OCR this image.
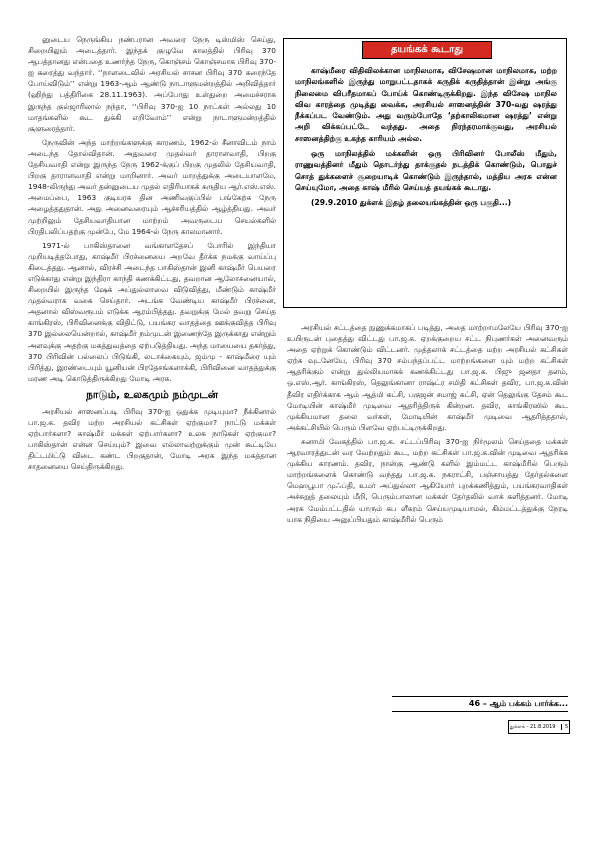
னுடைய நெருங்கிய நண்பரான அவரை நேரு டிஸ்மிஸ் செய்து, சிறையிலும் அடைத்தார். இந்தக் குழுவே காலத்தில் பிரிவு 370 ஆபத்தானது என்பதை உணர்ந்த நேரு, கொஞ்சம் கொஞ்சமாக பிரிவு 370-ஐ கரைத்து வந்தார். ‘‘நாளடைவில் அரசியல் சாசன பிரிவு 370 கரைந்தே போய்விடும்’’ என்று 1963-ஆம் ஆண்டு நாடாளுமன்றத்தில் அறிவித்தார் (ஹிந்து பத்திரிகை 28.11.1963). அப்போது உள்துறை அமைச்சராக இருந்த குல்ஜாரிலால் நந்தா, ‘‘பிரிவு 370-ஐ 10 நாட்கள் அல்லது 10 மாதங்களில் கூட துக்கி எறிவோம்’’ என்று நாடாளுமன்றத்தில் சூளுரைத்தார்.

நேருவின் அந்த மாற்றங்களுக்கு காரணம், 1962-ல் சீனாவிடம் நாம் அடைந்த தோல்விதான். அதுவரை முதல்வர் தாராளவாதி, பிறகு தேசியவாதி என்று இருந்த நேரு 1962-க்குப் பிறகு முதலில் தேசியவாதி, பிறகு தாராளவாதி என்று மாறினார். அவர் மாறத்துக்கு அடையாளமே, 1948-லிருந்து அவர் தன்னுடைய முதல் எதிரியாகக் கருதிய ஆர்.எஸ்.எஸ். அமைப்பை, 1963 குடியரசு தின அணிவகுப்பில் பங்கேற்க நேரு அழைத்ததுதான். அது அனைவரையும் ஆச்சரியத்தில் ஆழ்த்தியது. அவர் முற்றிலும் தேசியவாதியான மாற்றம் அவருடைய செயல்களில் பிரதிபலிப்பதற்கு முன்பே, மே 1964-ல் நேரு காலமானார்.

1971-ல் பாகிஸ்தானை வங்காளதேசப் போரில் இந்தியா முறியடித்தபோது, காஷ்மீர் பிரச்னையை அறவே தீர்க்க நமக்கு வாய்ப்பு கிடைத்தது. ஆனால், விரச்சி அடைந்த பாகிஸ்தான் இனி காஷ்மீர் பெயரை எடுக்காது என்று இந்திரா காந்தி கணக்கிட்டது, தவறான ஆலோசனையால், சிறையில் இருந்த ஷேக் அப்துல்லாவை விடுவித்து, மீண்டும் காஷ்மீர் முதல்வராக வகை செய்தார். அடங்க வேண்டிய காஷ்மீர் பிரச்னை, அதனால் விஸ்வரூபம் எடுக்க ஆரம்பித்தது. தவறுக்கு மேல் தவறு செய்த காங்கிரஸ், பிரிவினைக்கு விதிட்டு, பயங்கர வாதத்தை ஊக்குவித்த பிரிவு 370 இல்லையென்றால், காஷ்மீர் நம்முடன் இணைந்தே இருக்காது என்றும் அளவுக்கு அதற்கு மகத்துவத்தை ஏற்படுத்தியது. அந்த மாயையை தகர்த்து, 370 பிரிவின் பல்லைப் பிடுங்கி, லடாக்கையும், ஜம்மு - காஷ்மீரை யும் பிரித்து, இரண்டையும் யூனியன் பிரதேசங்களாக்கி, பிரிவினை வாதத்துக்கு மரண அடி கொடுத்திருக்கிறது மோடி அரசு.

நாடும், உலகமும் நம்முடன்

அரசியல் சாஸனப்படி பிரிவு 370-ஐ ஒதுக்க முடியுமா? நீக்கினால் பா.ஜ.க. தவிர மற்ற அரசியல் கட்சிகள் ஏற்குமா? நாட்டு மக்கள் ஏற்பார்களா? காஷ்மீர் மக்கள் ஏற்பார்களா? உலக நாடுகள் ஏற்குமா? பாகிஸ்தான் என்ன செய்யும்? இவை எல்லாவற்றுக்கும் முன் கூட்டியே திட்டமிட்டு விடை கண்ட பிறகுதான், மோடி அரசு இந்த மகத்தான சாதனையை செய்திருக்கிறது.

தயங்கக் கூடாது

காஷ்மீரை விதிவிலக்கான மாநிலமாக, விசேஷமான மாநிலமாக, மற்ற மாநிலங்களில் இருந்து மாறுபட்டதாகக் கருதிக் கருதித்தான் இன்று அங்கு நிலைமை விபரீதமாகப் போய்க் கொண்டிருக்கிறது. இந்த விசேஷ மாநில விவ காரத்தை முடித்து வைக்க, அரசியல் சாஸனத்தின் 370-வது ஷரத்து நீக்கப்பட வேண்டும். அது வரும்போதே ‘தற்காலிகமான ஷரத்து’ என்று அறி விக்கப்பட்டே வந்தது. அதை நிரந்தரமாக்குவது, அரசியல் சாஸனத்திற்கு உகந்த காரியம் அல்ல.

ஒரு மாநிலத்தில் மக்களின் ஒரு பிரிவினர் போலீஸ் மீதும், ராணுவத்தினர் மீதும் தொடர்ந்து தாக்குதல் நடத்திக் கொண்டும், பொதுச் சொத் துக்களைச் சூறையாடிக் கொண்டும் இருந்தால், மத்திய அரசு என்ன செய்யுமோ, அதை காஷ் மீரில் செய்யத் தயங்கக் கூடாது.

(29.9.2010 துக்ளக் இதழ் தலையங்கத்தின் ஒரு பகுதி...)

அரசியல் சட்டத்தை நுணுக்கமாகப் படித்து, அதை மாற்றாமலேயே பிரிவு 370-ஐ உயிருடன் புதைத்து விட்டது பா.ஜ.க. ஏறக்குறைய சட்ட நிபுணர்கள் அனைவரும் அதை ஏற்றுக் கொண்டும் விட்டனர். முத்தலாக் சட்டத்தை மற்ற அரசியல் கட்சிகள் ஏற்க வுடனேயே, பிரிவு 370 சம்பந்தப்பட்ட மாற்றங்களை யும் மற்ற கட்சிகள் ஆதரிக்கும் என்று துல்லியமாகக் கணக்கிட்டது பா.ஜ.க. பிஜு ஜனதா தளம், ஒ.எஸ்.ஆர். காங்கிரஸ், தெலுங்கானா ராஷ்ட்ர சமிதி கட்சிகள் தவிர, பா.ஜ.க.வின் தீவிர எதிர்க்காக ஆம் ஆத்மி கட்சி, பகுஜன் சமாஜ் கட்சி, ஏன் தெலுங்கு தேசம் கூட மோடியின் காஷ்மீர் முடிவை ஆதரித்திருக் கின்றன. தவிர, காங்கிரஸில் கூட முக்கியமான தலை வர்கள், மோடியின் காஷ்மீர் முடிவை ஆதரித்ததால், அக்கட்சியில் பெரும் பிளவே ஏற்பட்டிருக்கிறது.

சுனாமி வேகத்தில் பா.ஜ.க. சட்டப்பிரிவு 370-ஐ நிர்மூலம் செய்ததை மக்கள் ஆரவாரத்துடன் வர வேற்றதும் கூட, மற்ற கட்சிகள் பா.ஜ.க.வின் முடிவை ஆதரிக்க முக்கிய காரணம். தவிர, நான்கு ஆண்டு களில் இம்மட்ட காஷ்மீரில் பெரும் மாற்றங்களைக் கொண்டு வந்தது பா.ஜ.க. நகராட்சி, பஞ்சாயத்து தேர்தல்களை மெஹபூபா முஃப்தி, உமர் அப்துல்லா ஆகியோர் புறக்கணித்தும், பயங்கரவாதிகள் அச்சுறுத் தலையும் மீறி, பெரும்பாலான மக்கள் தேர்தலில் வாக் களித்தனர். மோடி அரசு மேம்பட்டதில் யாரும் கப ளீகரம் செய்யமுடியாமல், கிம்மட்டத்துக்கு நேரடி யாக நிதியை அனுப்பியதும் காஷ்மீரில் பெரும்

46 – ஆம் பக்கம் பார்க்க...
துக்ளக் - 21.8.2019 5
